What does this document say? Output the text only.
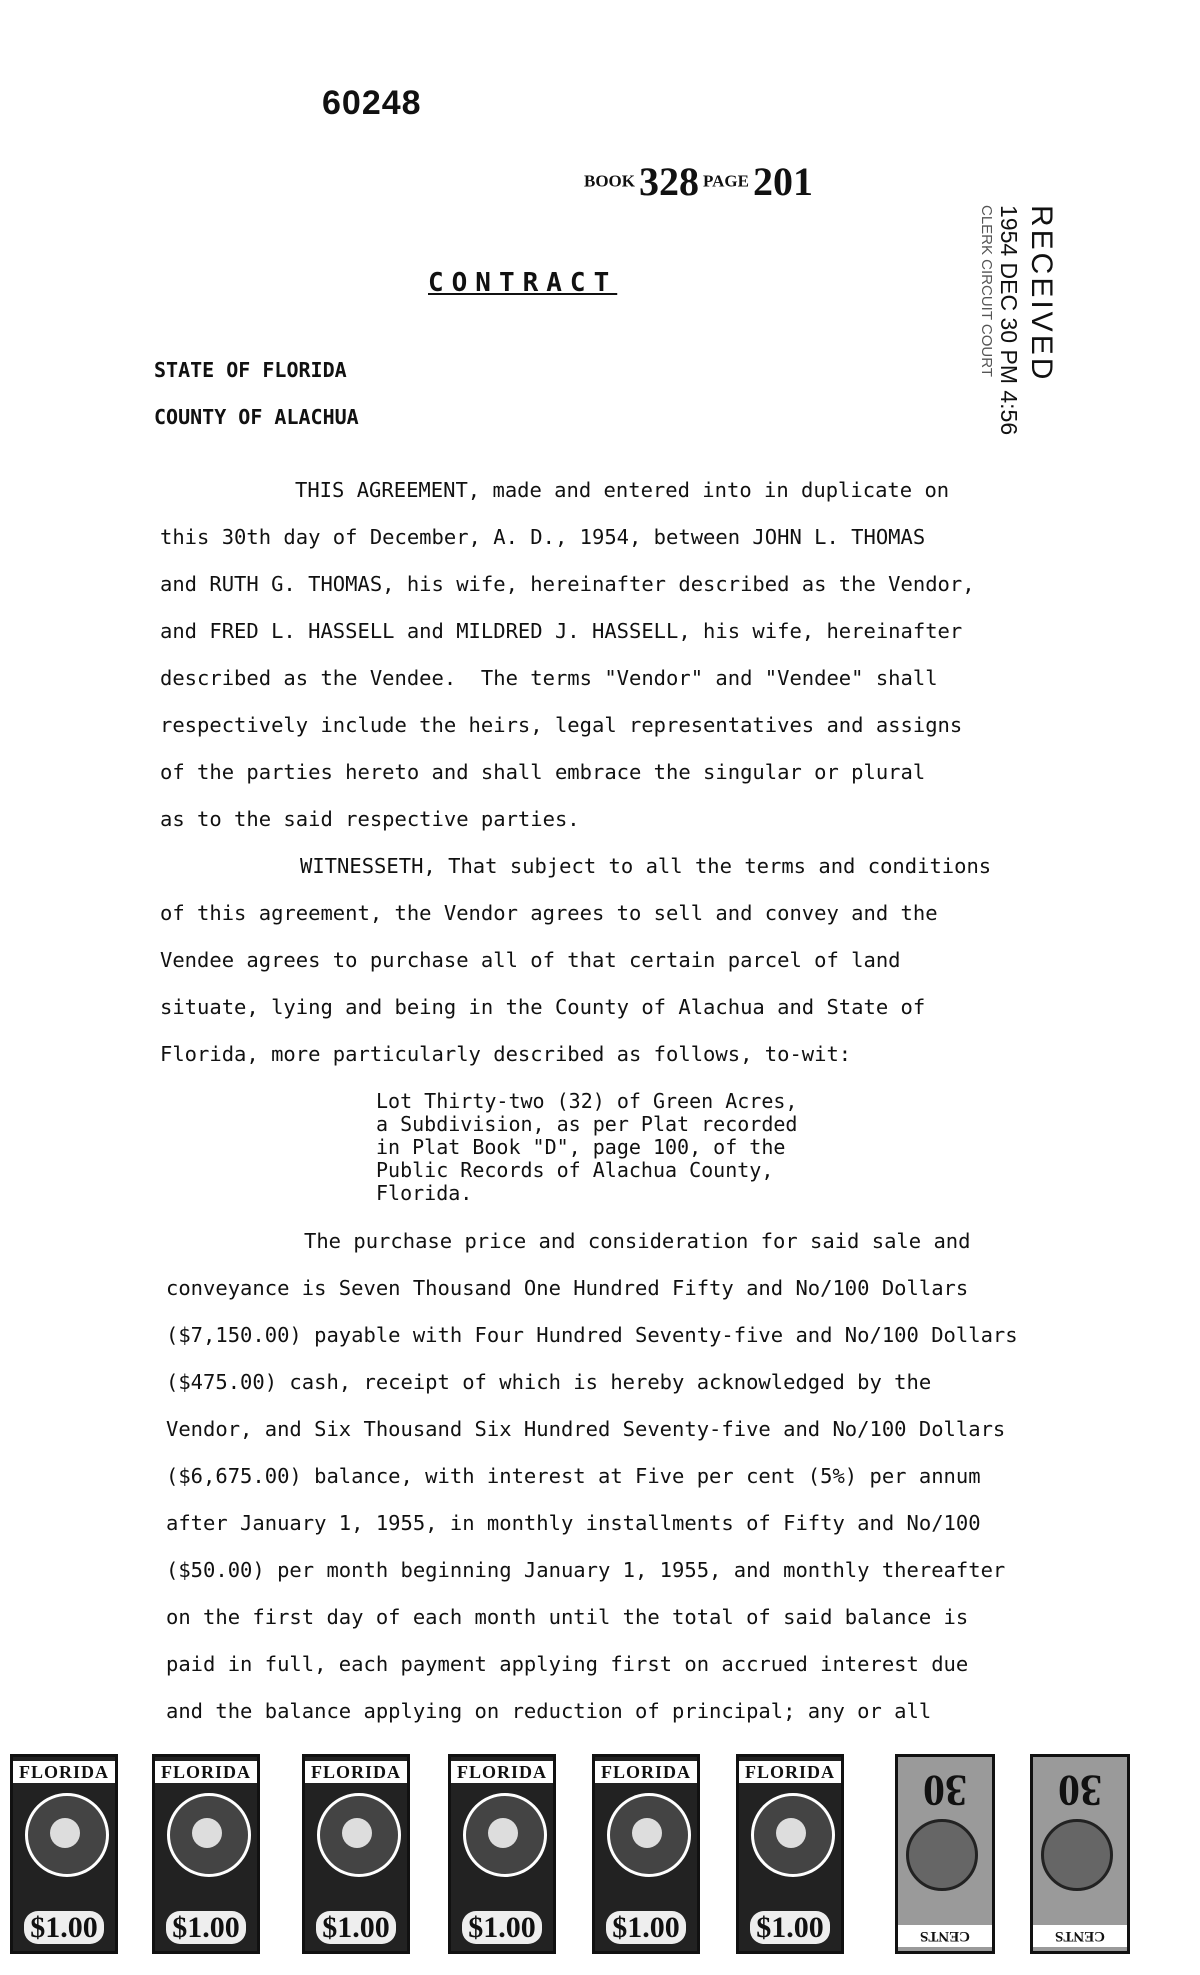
60248
BOOK 328 PAGE 201
CONTRACT	RECEIVED
1954 DEC 30 PM 4:56
CLERK CIRCUIT COURT
STATE OF FLORIDA
COUNTY OF ALACHUA
THIS AGREEMENT, made and entered into in duplicate on
this 30th day of December, A. D., 1954, between JOHN L. THOMAS
and RUTH G. THOMAS, his wife, hereinafter described as the Vendor,
and FRED L. HASSELL and MILDRED J. HASSELL, his wife, hereinafter
described as the Vendee.  The terms "Vendor" and "Vendee" shall
respectively include the heirs, legal representatives and assigns
of the parties hereto and shall embrace the singular or plural
as to the said respective parties.
WITNESSETH, That subject to all the terms and conditions
of this agreement, the Vendor agrees to sell and convey and the
Vendee agrees to purchase all of that certain parcel of land
situate, lying and being in the County of Alachua and State of
Florida, more particularly described as follows, to-wit:
Lot Thirty-two (32) of Green Acres,
a Subdivision, as per Plat recorded
in Plat Book "D", page 100, of the
Public Records of Alachua County,
Florida.
The purchase price and consideration for said sale and
conveyance is Seven Thousand One Hundred Fifty and No/100 Dollars
($7,150.00) payable with Four Hundred Seventy-five and No/100 Dollars
($475.00) cash, receipt of which is hereby acknowledged by the
Vendor, and Six Thousand Six Hundred Seventy-five and No/100 Dollars
($6,675.00) balance, with interest at Five per cent (5%) per annum
after January 1, 1955, in monthly installments of Fifty and No/100
($50.00) per month beginning January 1, 1955, and monthly thereafter
on the first day of each month until the total of said balance is
paid in full, each payment applying first on accrued interest due
and the balance applying on reduction of principal; any or all
FLORIDA
$1.00
FLORIDA
$1.00
FLORIDA
$1.00
FLORIDA
$1.00
FLORIDA
$1.00
FLORIDA
$1.00	CENTS
30
CENTS
30
